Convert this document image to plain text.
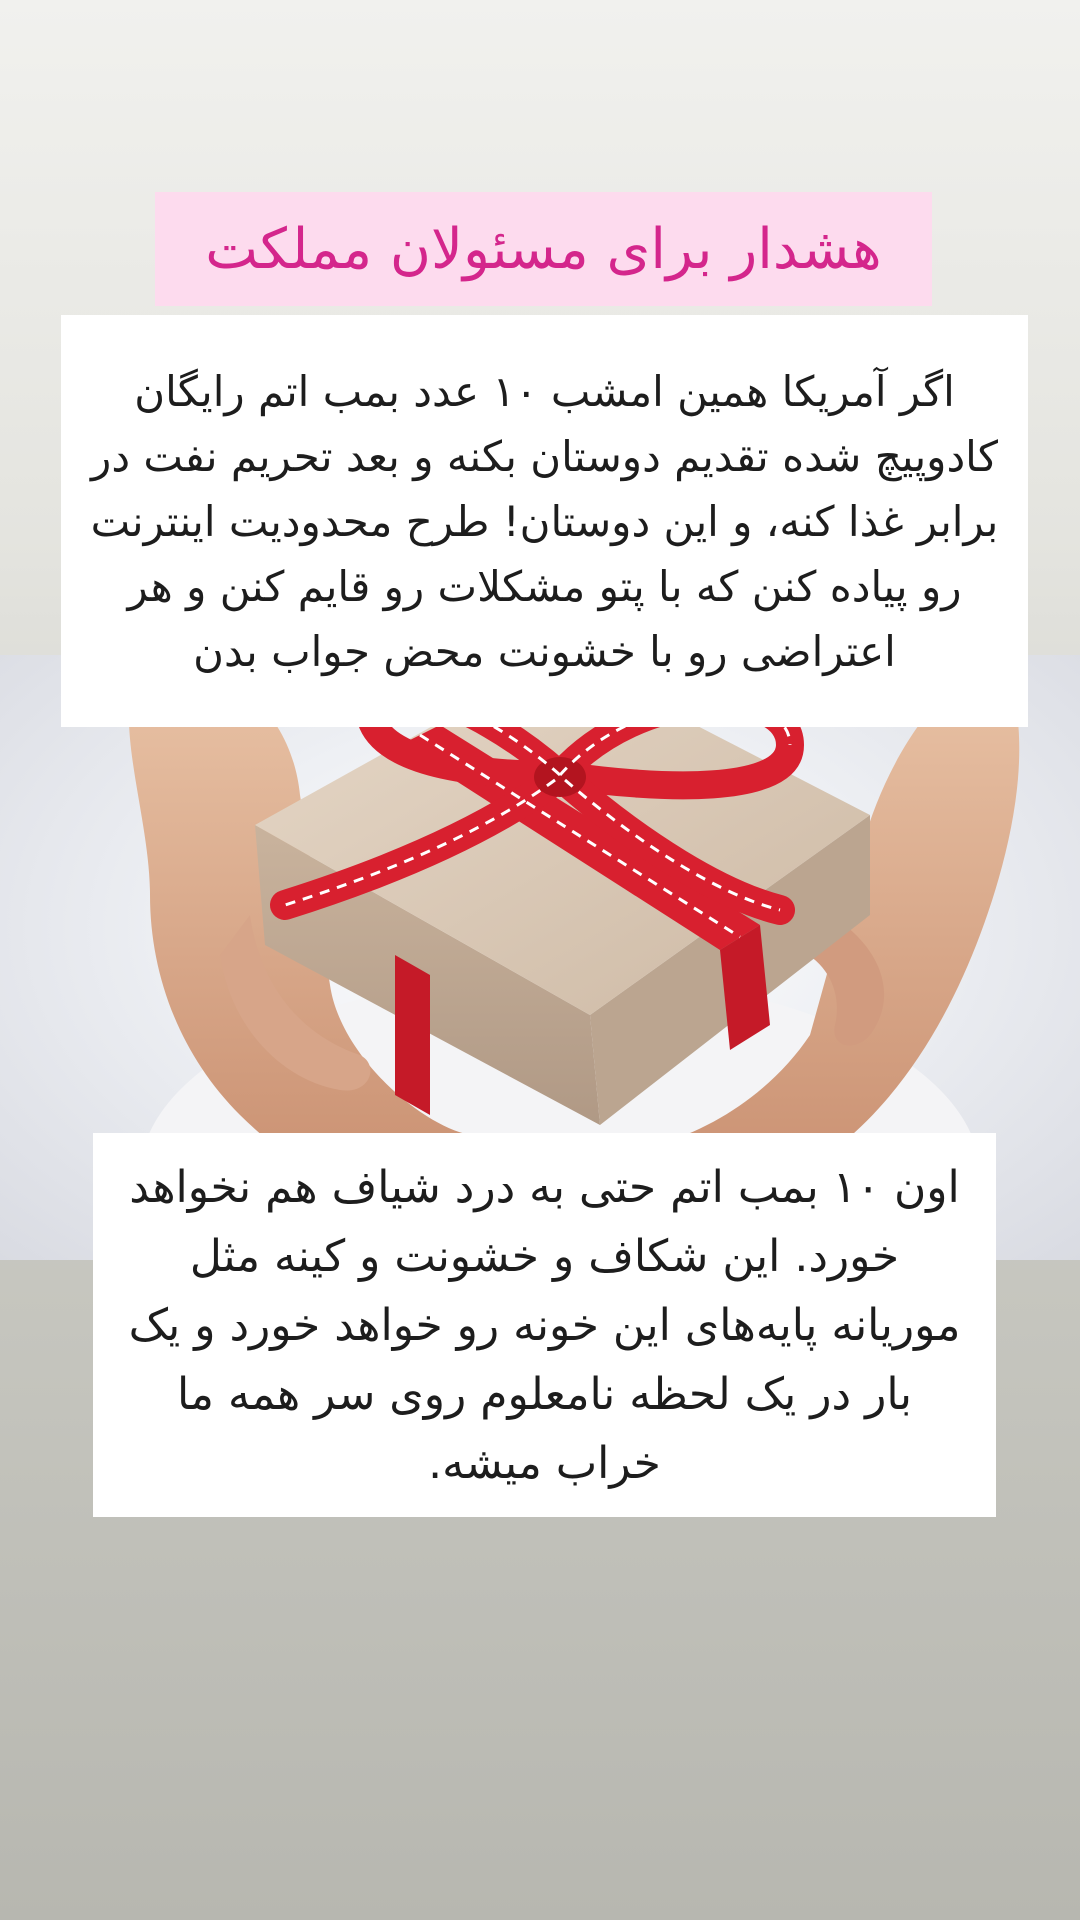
هشدار برای مسئولان مملکت

اگر آمریکا همین امشب ۱۰ عدد بمب اتم رایگان کادوپیچ شده تقدیم دوستان بکنه و بعد تحریم نفت در برابر غذا کنه، و این دوستان! طرح محدودیت اینترنت رو پیاده کنن که با پتو مشکلات رو قایم کنن و هر اعتراضی رو با خشونت محض جواب بدن

اون ۱۰ بمب اتم حتی به درد شیاف هم نخواهد خورد. این شکاف و خشونت و کینه مثل موریانه پایه‌های این خونه رو خواهد خورد و یک بار در یک لحظه نامعلوم روی سر همه ما خراب میشه.
